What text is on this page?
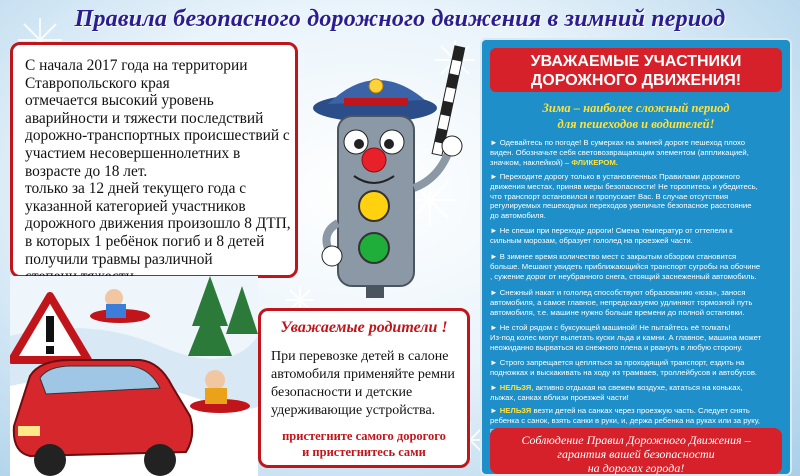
Правила безопасного дорожного движения в зимний период
С начала 2017 года на территории
Ставропольского края
отмечается высокий уровень
аварийности и тяжести последствий
дорожно-транспортных происшествий с
участием несовершеннолетних в
возрасте до 18 лет.
только за 12 дней текущего года с
указанной категорией участников
дорожного движения произошло 8 ДТП,
в которых 1 ребёнок погиб и 8 детей
получили травмы различной
Уважаемые родители !
При перевозке детей в салоне
автомобиля применяйте ремни
безопасности и детские
удерживающие устройства.
пристегните самого дорогого
и пристегнитесь сами
УВАЖАЕМЫЕ УЧАСТНИКИ
ДОРОЖНОГО ДВИЖЕНИЯ!
Зима – наиболее сложный период
для пешеходов и водителей!
► Одевайтесь по погоде! В сумерках на зимней дороге пешеход плохо
виден. Обозначьте себя световозвращающим элементом (аппликацией,
значком, наклейкой) – ФЛИКЕРОМ.
► Переходите дорогу только в установленных Правилами дорожного
движения местах, приняв меры безопасности! Не торопитесь и убедитесь,
что транспорт остановился и пропускает Вас. В случае отсутствия
регулируемых пешеходных переходов увеличьте безопасное расстояние
до автомобиля.
► Не спеши при переходе дороги! Смена температур от оттепели к
сильным морозам, образует гололед на проезжей части.
► В зимнее время количество мест с закрытым обзором становится
больше. Мешают увидеть приближающийся транспорт сугробы на обочине
, сужение дорог от неубранного снега, стоящий заснеженный автомобиль.
► Снежный накат и гололед способствуют образованию «юза», занося
автомобиля, а самое главное, непредсказуемо удлиняют тормозной путь
автомобиля, т.е. машине нужно больше времени до полной остановки.
► Не стой рядом с буксующей машиной! Не пытайтесь её толкать!
Из-под колес могут вылетать куски льда и камни. А главное, машина может
неожиданно вырваться из снежного плена и рвануть в любую сторону.
► Строго запрещается цепляться за проходящий транспорт, ездить на
подножках и выскакивать на ходу из трамваев, троллейбусов и автобусов.
► НЕЛЬЗЯ, активно отдыхая на свежем воздухе, кататься на коньках,
лыжах, санках вблизи проезжей части!
► НЕЛЬЗЯ везти детей на санках через проезжую часть. Следует снять
ребенка с санок, взять санки в руки, и, держа ребенка на руках или за руку,
Соблюдение Правил Дорожного Движения –
гарантия вашей безопасности
на дорогах города!
